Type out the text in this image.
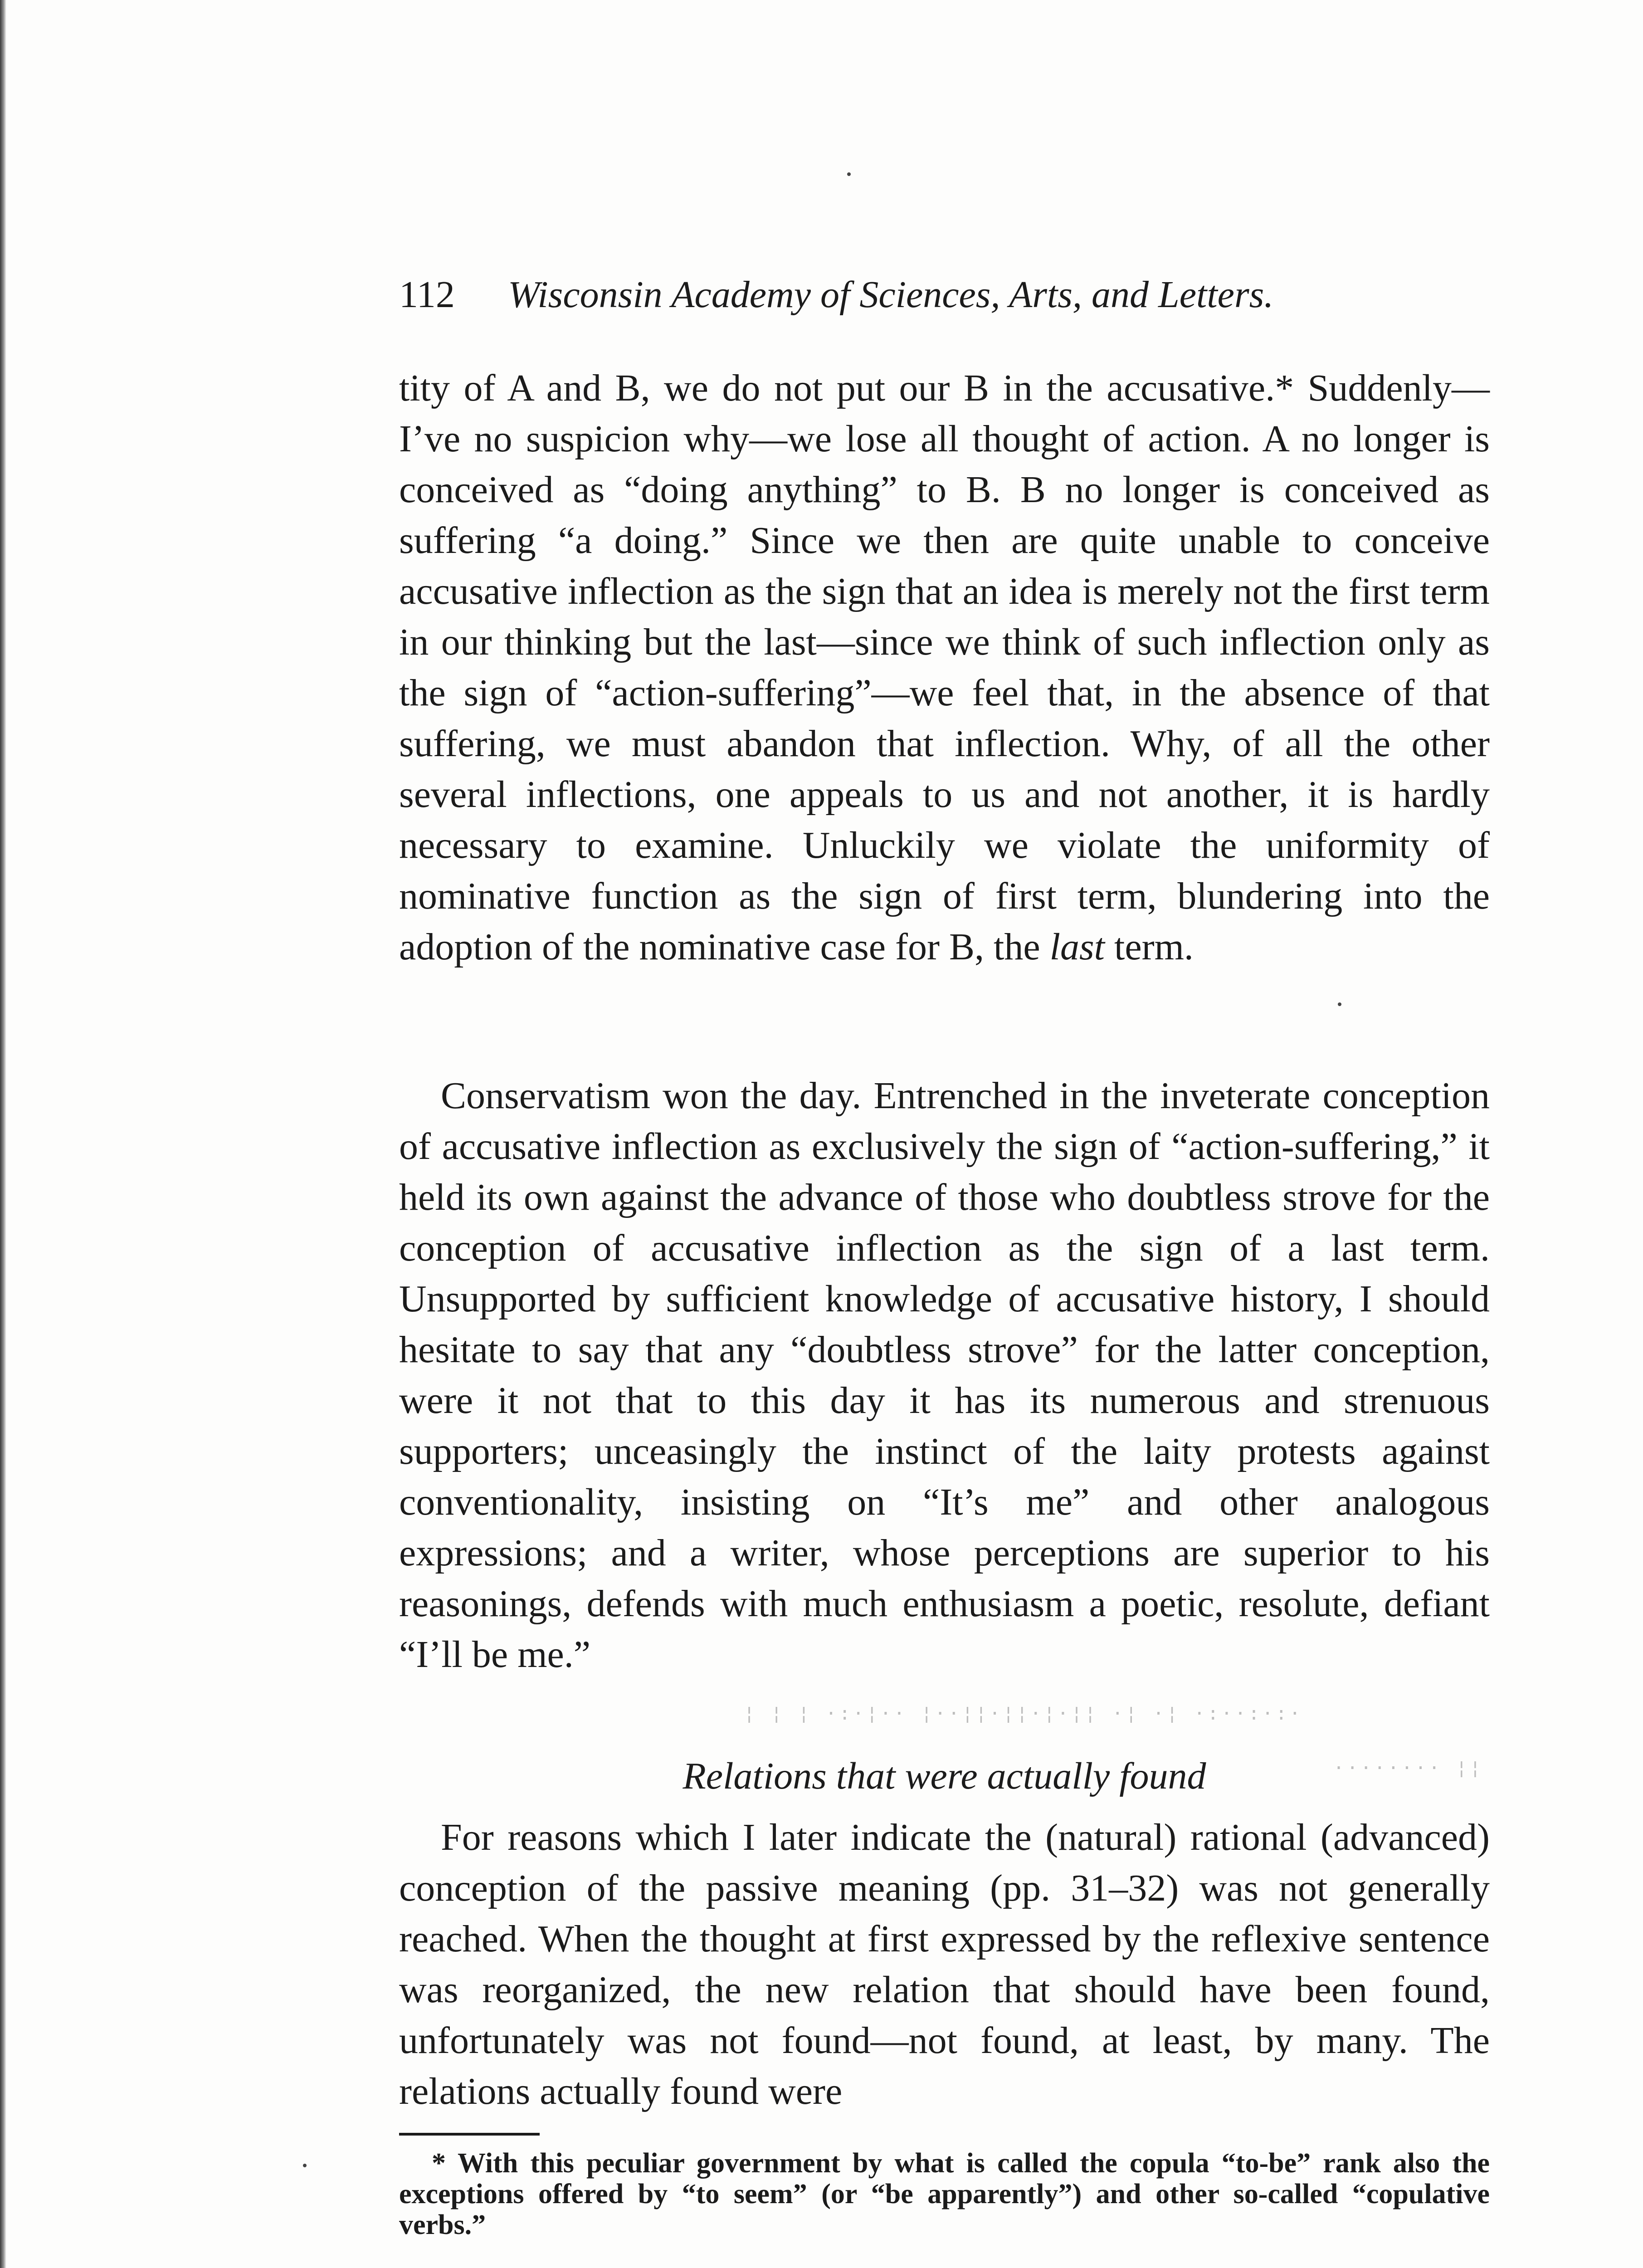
112 Wisconsin Academy of Sciences, Arts, and Letters.

tity of A and B, we do not put our B in the accusative.* Suddenly—I’ve no suspicion why—we lose all thought of action. A no longer is conceived as “doing anything” to B. B no longer is conceived as suffering “a doing.” Since we then are quite unable to conceive accusative inflection as the sign that an idea is merely not the first term in our thinking but the last—since we think of such inflection only as the sign of “action-suffering”—we feel that, in the absence of that suffering, we must abandon that inflection. Why, of all the other several inflections, one appeals to us and not another, it is hardly necessary to examine. Unluckily we violate the uniformity of nominative function as the sign of first term, blundering into the adoption of the nominative case for B, the last term.

Conservatism won the day. Entrenched in the inveterate conception of accusative inflection as exclusively the sign of “action-suffering,” it held its own against the advance of those who doubtless strove for the conception of accusative inflection as the sign of a last term. Unsupported by sufficient knowledge of accusative history, I should hesitate to say that any “doubtless strove” for the latter conception, were it not that to this day it has its numerous and strenuous supporters; unceasingly the instinct of the laity protests against conventionality, insisting on “It’s me” and other analogous expressions; and a writer, whose perceptions are superior to his reasonings, defends with much enthusiasm a poetic, resolute, defiant “I’ll be me.”

¦ ¦ ¦ ·:·¦·· ¦··¦¦·¦¦·¦·¦¦ ·¦ ·¦ ·:··:·:·
········ ¦¦
Relations that were actually found

For reasons which I later indicate the (natural) rational (advanced) conception of the passive meaning (pp. 31–32) was not generally reached. When the thought at first expressed by the reflexive sentence was reorganized, the new relation that should have been found, unfortunately was not found—not found, at least, by many. The relations actually found were

* With this peculiar government by what is called the copula “to-be” rank also the exceptions offered by “to seem” (or “be apparently”) and other so-called “copulative verbs.”
